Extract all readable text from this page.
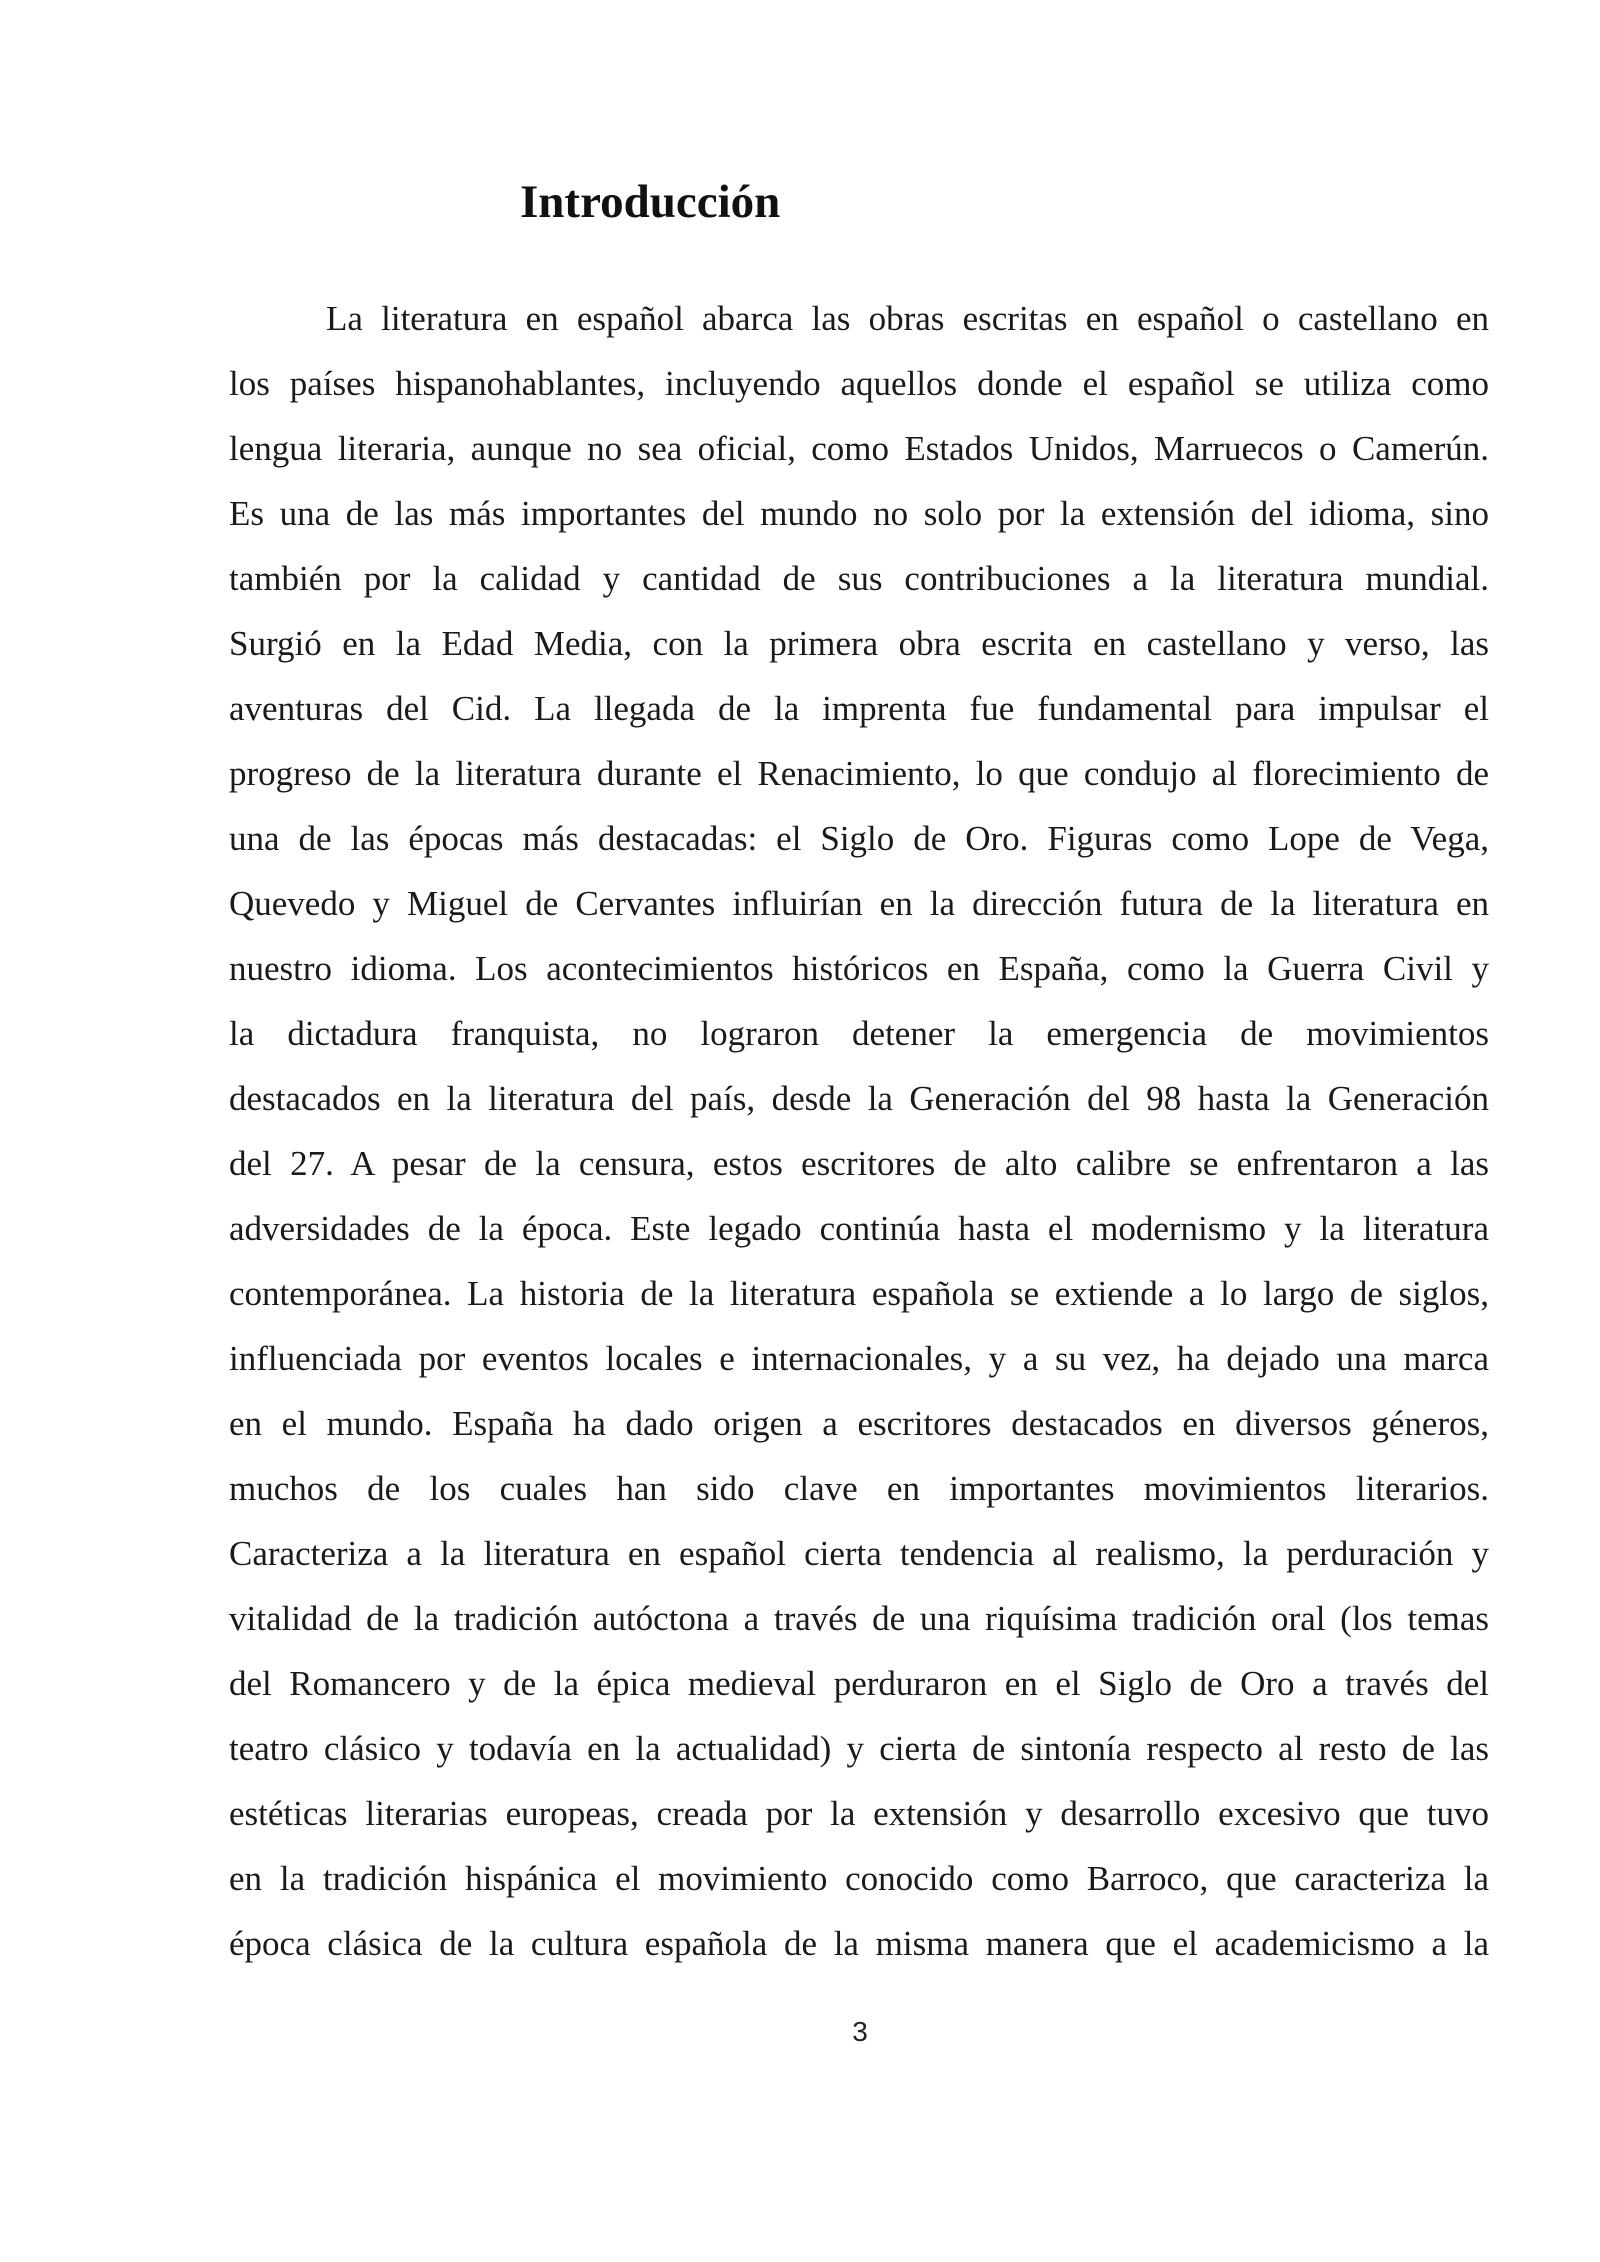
Introducción
La literatura en español abarca las obras escritas en español o castellano en
los países hispanohablantes, incluyendo aquellos donde el español se utiliza como
lengua literaria, aunque no sea oficial, como Estados Unidos, Marruecos o Camerún.
Es una de las más importantes del mundo no solo por la extensión del idioma, sino
también por la calidad y cantidad de sus contribuciones a la literatura mundial.
Surgió en la Edad Media, con la primera obra escrita en castellano y verso, las
aventuras del Cid. La llegada de la imprenta fue fundamental para impulsar el
progreso de la literatura durante el Renacimiento, lo que condujo al florecimiento de
una de las épocas más destacadas: el Siglo de Oro. Figuras como Lope de Vega,
Quevedo y Miguel de Cervantes influirían en la dirección futura de la literatura en
nuestro idioma. Los acontecimientos históricos en España, como la Guerra Civil y
la dictadura franquista, no lograron detener la emergencia de movimientos
destacados en la literatura del país, desde la Generación del 98 hasta la Generación
del 27. A pesar de la censura, estos escritores de alto calibre se enfrentaron a las
adversidades de la época. Este legado continúa hasta el modernismo y la literatura
contemporánea. La historia de la literatura española se extiende a lo largo de siglos,
influenciada por eventos locales e internacionales, y a su vez, ha dejado una marca
en el mundo. España ha dado origen a escritores destacados en diversos géneros,
muchos de los cuales han sido clave en importantes movimientos literarios.
Caracteriza a la literatura en español cierta tendencia al realismo, la perduración y
vitalidad de la tradición autóctona a través de una riquísima tradición oral (los temas
del Romancero y de la épica medieval perduraron en el Siglo de Oro a través del
teatro clásico y todavía en la actualidad) y cierta de sintonía respecto al resto de las
estéticas literarias europeas, creada por la extensión y desarrollo excesivo que tuvo
en la tradición hispánica el movimiento conocido como Barroco, que caracteriza la
época clásica de la cultura española de la misma manera que el academicismo a la
3
